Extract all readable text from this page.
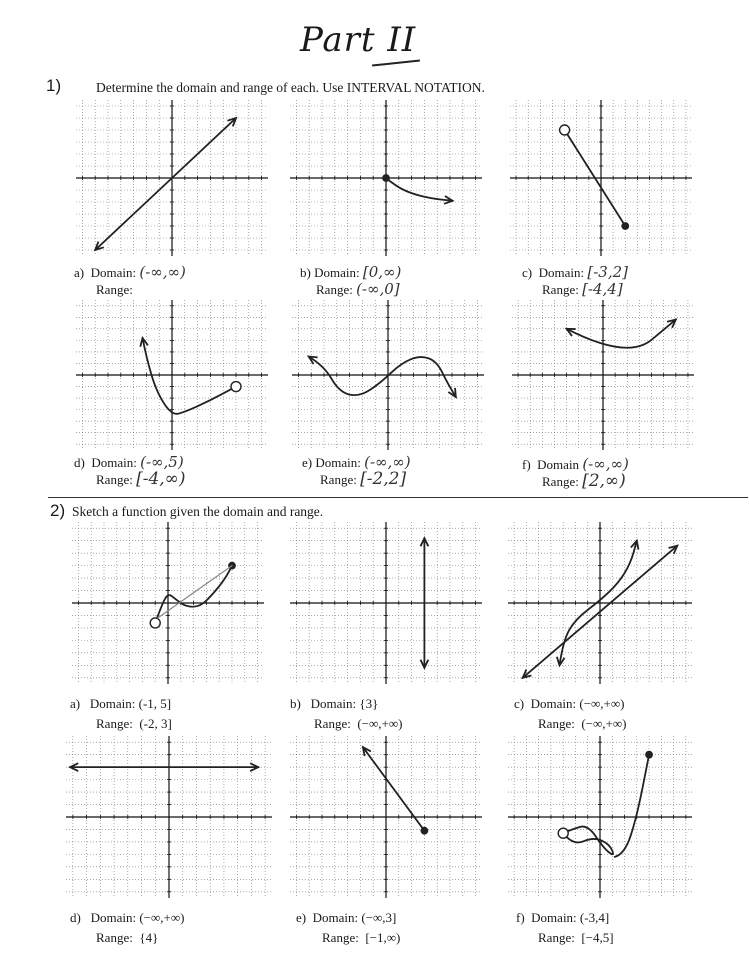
Part II
1)	Determine the domain and range of each. Use INTERVAL NOTATION.
a) Domain: (-∞,∞)
Range:
b) Domain: [0,∞)
Range: (-∞,0]
c) Domain: [-3,2]
Range: [-4,4]
d) Domain: (-∞,5)
Range: [-4,∞)
e) Domain: (-∞,∞)
Range: [-2,2]
f) Domain (-∞,∞)
Range: [2,∞)
2) Sketch a function given the domain and range.
a) Domain: (-1, 5]
Range: (-2, 3]
b) Domain: {3}
Range: (−∞,+∞)
c) Domain: (−∞,+∞)
Range: (−∞,+∞)
d) Domain: (−∞,+∞)
Range: {4}
e) Domain: (−∞,3]
Range: [−1,∞)
f) Domain: (-3,4]
Range: [−4,5]
